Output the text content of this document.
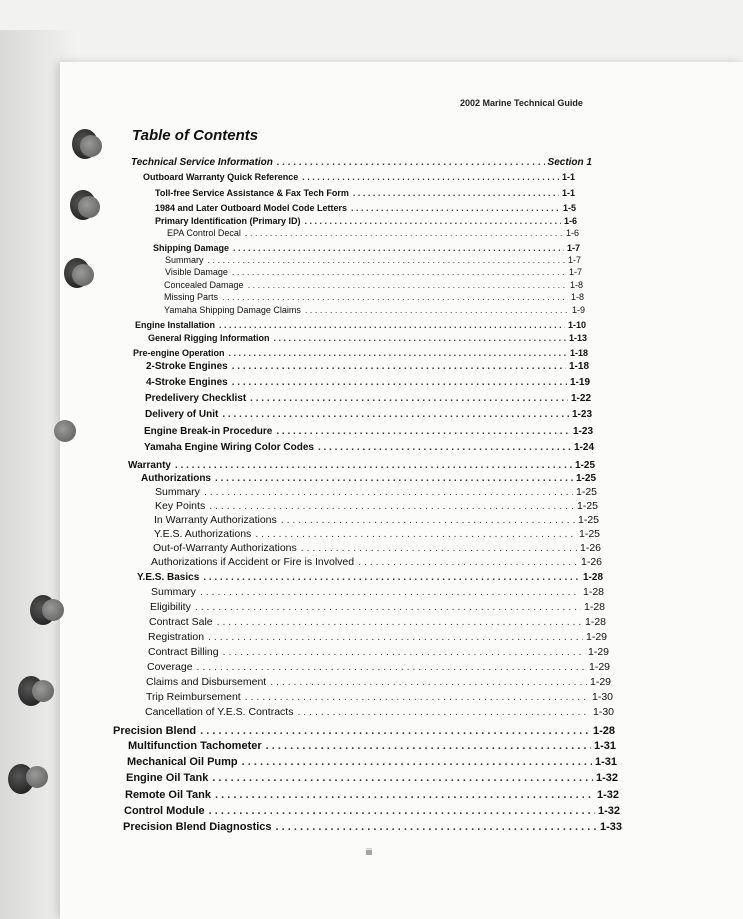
2002 Marine Technical Guide
Table of Contents
Technical Service Information . . .	Section 1
Outboard Warranty Quick Reference . . .	1-1
Toll-free Service Assistance & Fax Tech Form . . .	1-1
1984 and Later Outboard Model Code Letters . . .	1-5
Primary Identification (Primary ID) . . .	1-6
EPA Control Decal . . .	1-6
Shipping Damage . . .	1-7
Summary . . .	1-7
Visible Damage . . .	1-7
Concealed Damage . . .	1-8
Missing Parts . . .	1-8
Yamaha Shipping Damage Claims . . .	1-9
Engine Installation . . .	1-10
General Rigging Information . . .	1-13
Pre-engine Operation . . .	1-18
2-Stroke Engines . . .	1-18
4-Stroke Engines . . .	1-19
Predelivery Checklist . . .	1-22
Delivery of Unit . . .	1-23
Engine Break-in Procedure . . .	1-23
Yamaha Engine Wiring Color Codes . . .	1-24
Warranty . . .	1-25
Authorizations . . .	1-25
Summary . . .	1-25
Key Points . . .	1-25
In Warranty Authorizations . . .	1-25
Y.E.S. Authorizations . . .	1-25
Out-of-Warranty Authorizations . . .	1-26
Authorizations if Accident or Fire is Involved . . .	1-26
Y.E.S. Basics . . .	1-28
Summary . . .	1-28
Eligibility . . .	1-28
Contract Sale . . .	1-28
Registration . . .	1-29
Contract Billing . . .	1-29
Coverage . . .	1-29
Claims and Disbursement . . .	1-29
Trip Reimbursement . . .	1-30
Cancellation of Y.E.S. Contracts . . .	1-30
Precision Blend . . .	1-28
Multifunction Tachometer . . .	1-31
Mechanical Oil Pump . . .	1-31
Engine Oil Tank . . .	1-32
Remote Oil Tank . . .	1-32
Control Module . . .	1-32
Precision Blend Diagnostics . . .	1-33
iii
